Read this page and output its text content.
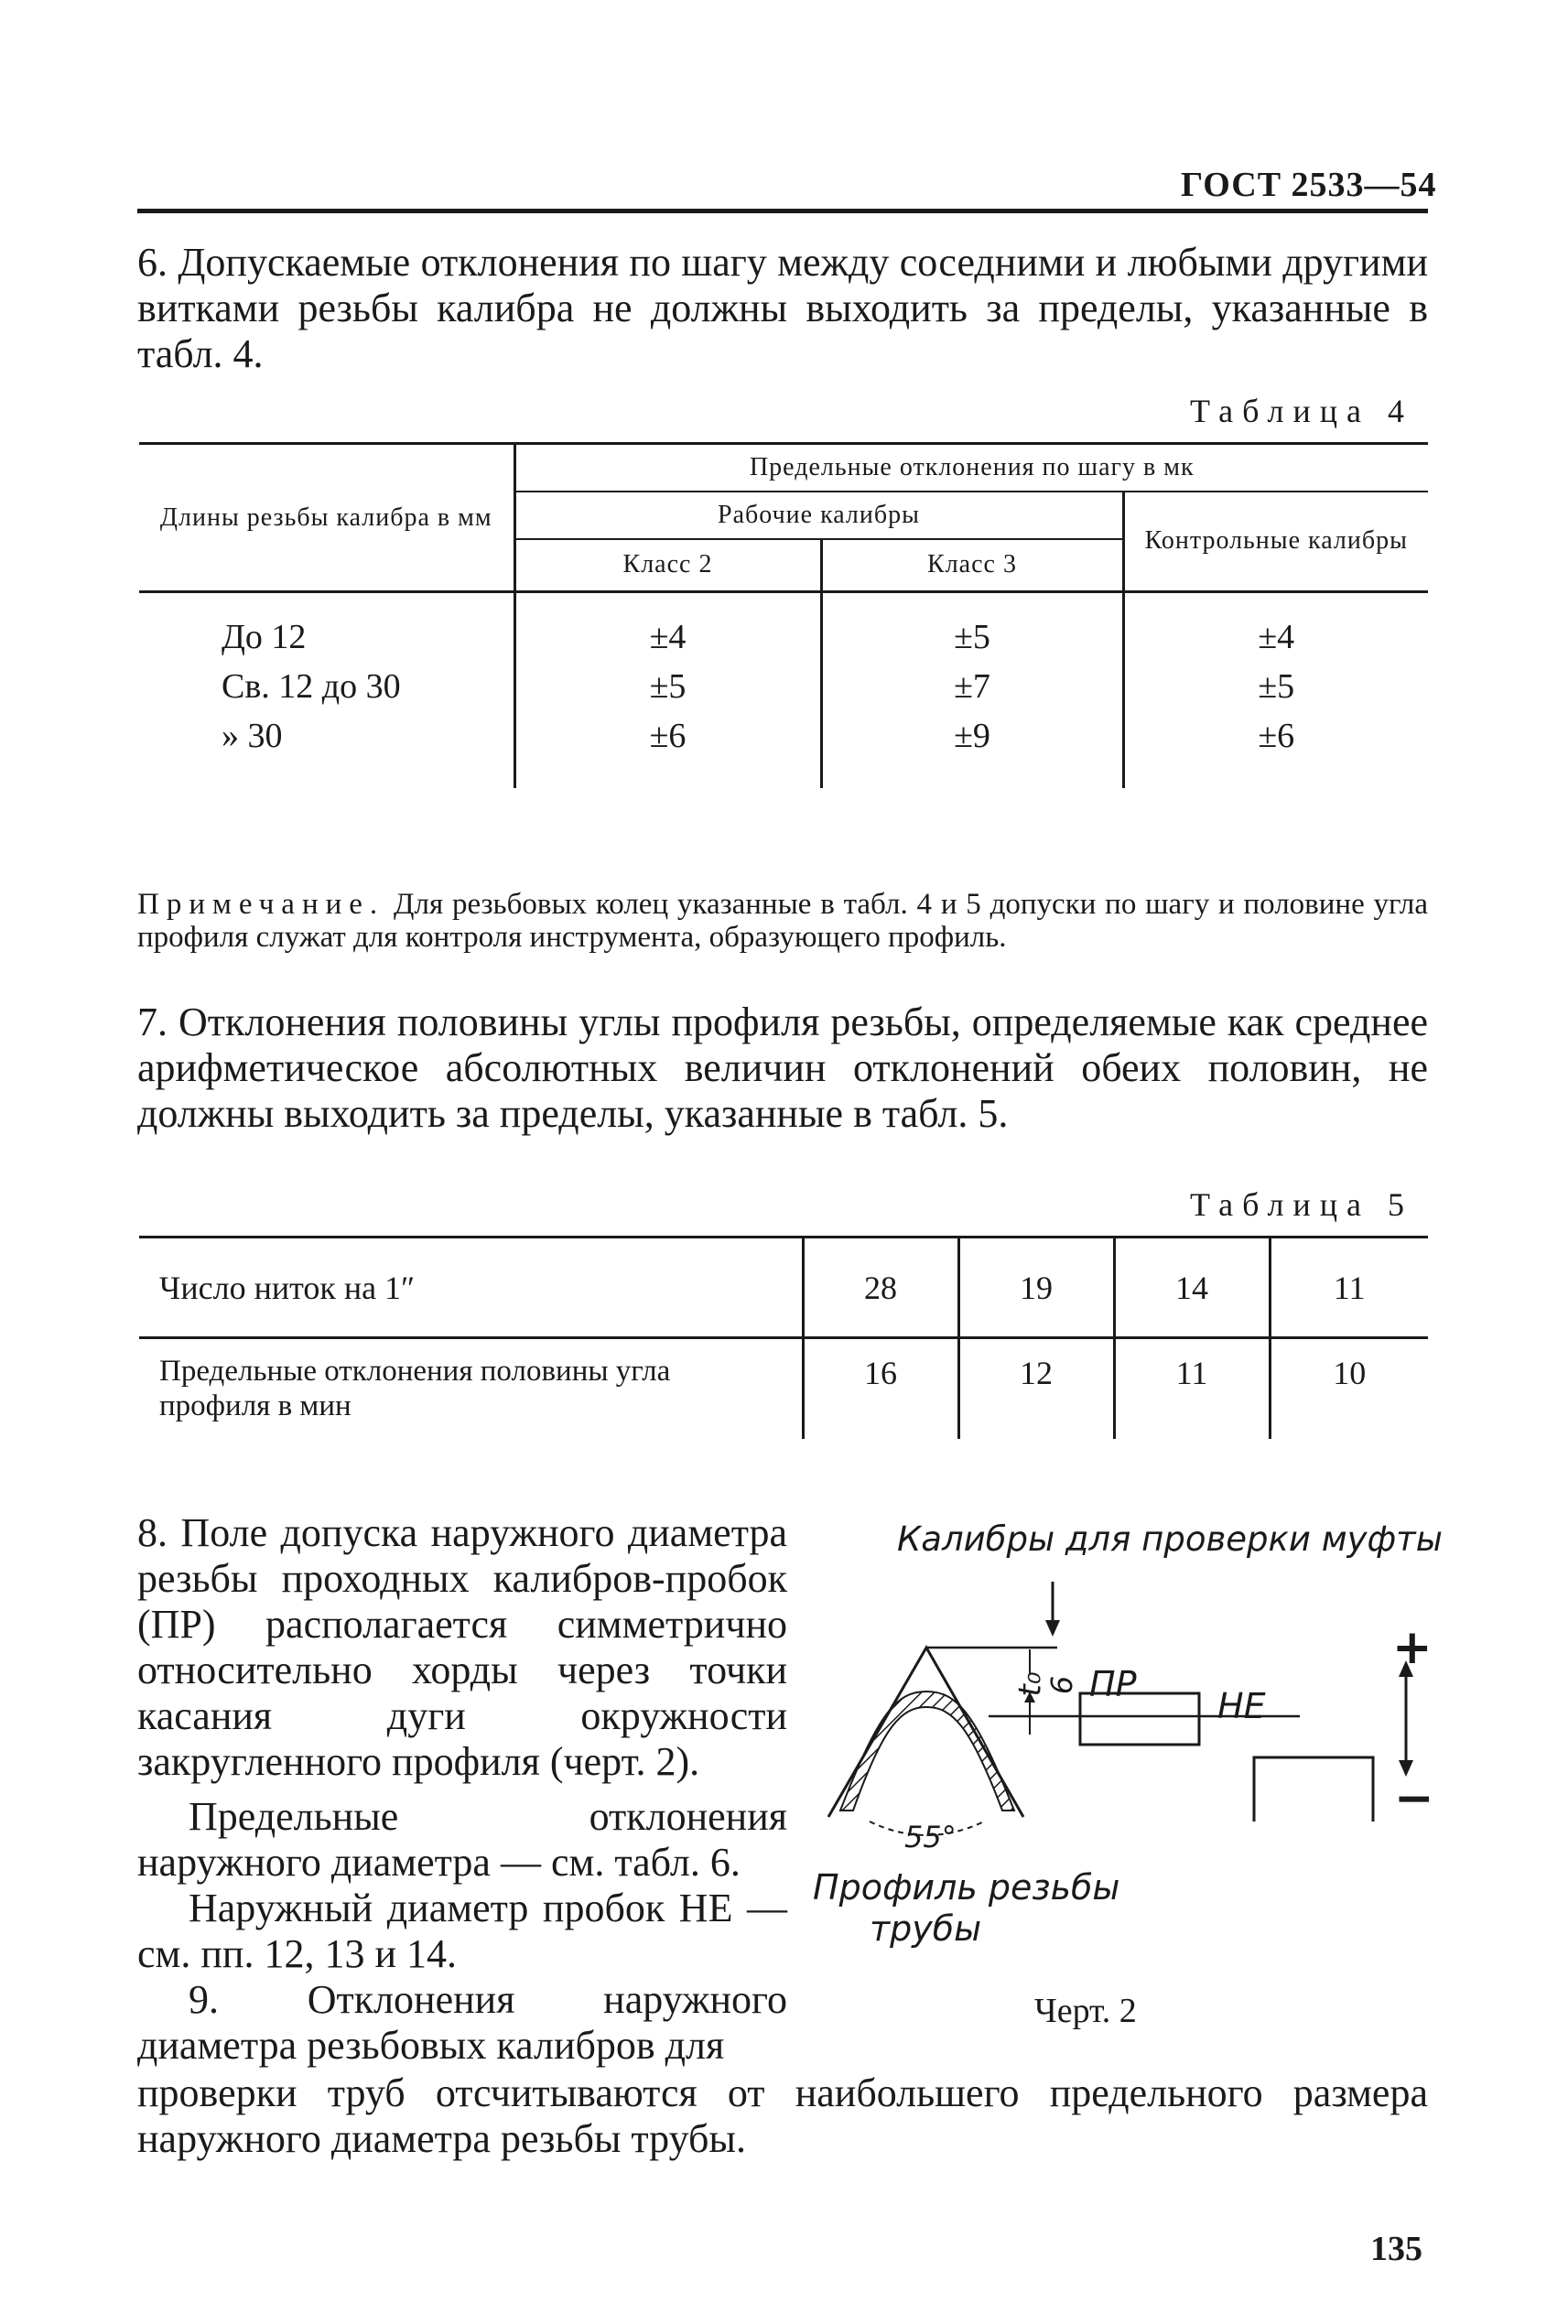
ГОСТ 2533—54
6. Допускаемые отклонения по шагу между соседними и любыми другими витками резьбы калибра не должны выходить за пределы, указанные в табл. 4.
Таблица 4
Длины резьбы калибра в мм	Предельные отклонения по шагу в мк		
	Рабочие калибры		Контрольные калибры
	Класс 2	Класс 3	

До 12	±4	±5	±4
Св. 12 до 30	±5	±7	±5
» 30	±6	±9	±6

Примечание. Для резьбовых колец указанные в табл. 4 и 5 допуски по шагу и половине угла профиля служат для контроля инструмента, образующего профиль.
7. Отклонения половины углы профиля резьбы, определяемые как среднее арифметическое абсолютных величин отклонений обеих половин, не должны выходить за пределы, указанные в табл. 5.
Таблица 5
Число ниток на 1″	28	19	14	11
Предельные отклонения половины угла профиля в мин	16	12	11	10
8. Поле допуска наружного диаметра резьбы проходных калибров-пробок (ПР) располагается симметрично относительно хорды через точки касания дуги окружности закругленного профиля (черт. 2).
Предельные отклонения наружного диаметра — см. табл. 6.
Наружный диаметр пробок НЕ — см. пп. 12, 13 и 14.
9. Отклонения наружного диаметра резьбовых калибров для
проверки труб отсчитываются от наибольшего предельного размера наружного диаметра резьбы трубы.
Калибры для проверки муфты
t₀
6 ПР
НЕ
+
−
55°
Профиль резьбы
трубы
Черт. 2
135
